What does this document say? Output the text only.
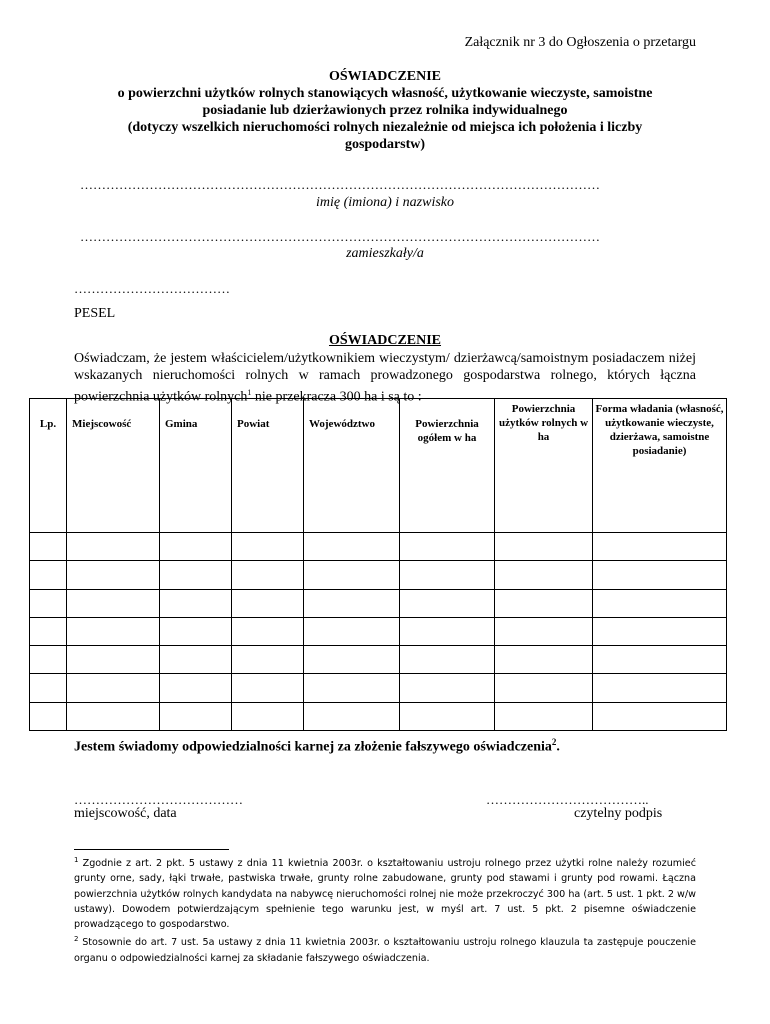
Załącznik nr 3 do Ogłoszenia o przetargu
OŚWIADCZENIE
o powierzchni użytków rolnych stanowiących własność, użytkowanie wieczyste, samoistne
posiadanie lub dzierżawionych przez rolnika indywidualnego
(dotyczy wszelkich nieruchomości rolnych niezależnie od miejsca ich położenia i liczby
gospodarstw)
…………………………………………………………………………………………………………
imię (imiona) i nazwisko
…………………………………………………………………………………………………………
zamieszkały/a
………………………………
PESEL
OŚWIADCZENIE
Oświadczam, że jestem właścicielem/użytkownikiem wieczystym/ dzierżawcą/samoistnym posiadaczem niżej wskazanych nieruchomości rolnych w ramach prowadzonego gospodarstwa rolnego, których łączna powierzchnia użytków rolnych$^1$ nie przekracza 300 ha i są to :
Lp.	Miejscowość	Gmina	Powiat	Województwo	Powierzchnia ogółem w ha	Powierzchnia użytków rolnych w ha	Forma władania (własność, użytkowanie wieczyste, dzierżawa, samoistne posiadanie)

Jestem świadomy odpowiedzialności karnej za złożenie fałszywego oświadczenia$^2$.
…………………………………	………………………………..
miejscowość, data	czytelny podpis
$^1$ Zgodnie z art. 2 pkt. 5 ustawy z dnia 11 kwietnia 2003r. o kształtowaniu ustroju rolnego przez użytki rolne należy rozumieć grunty orne, sady, łąki trwałe, pastwiska trwałe, grunty rolne zabudowane, grunty pod stawami i grunty pod rowami. Łączna powierzchnia użytków rolnych kandydata na nabywcę nieruchomości rolnej nie może przekroczyć 300 ha (art. 5 ust. 1 pkt. 2 w/w ustawy). Dowodem potwierdzającym spełnienie tego warunku jest, w myśl art. 7 ust. 5 pkt. 2 pisemne oświadczenie prowadzącego to gospodarstwo.
$^2$ Stosownie do art. 7 ust. 5a ustawy z dnia 11 kwietnia 2003r. o kształtowaniu ustroju rolnego klauzula ta zastępuje pouczenie organu o odpowiedzialności karnej za składanie fałszywego oświadczenia.
